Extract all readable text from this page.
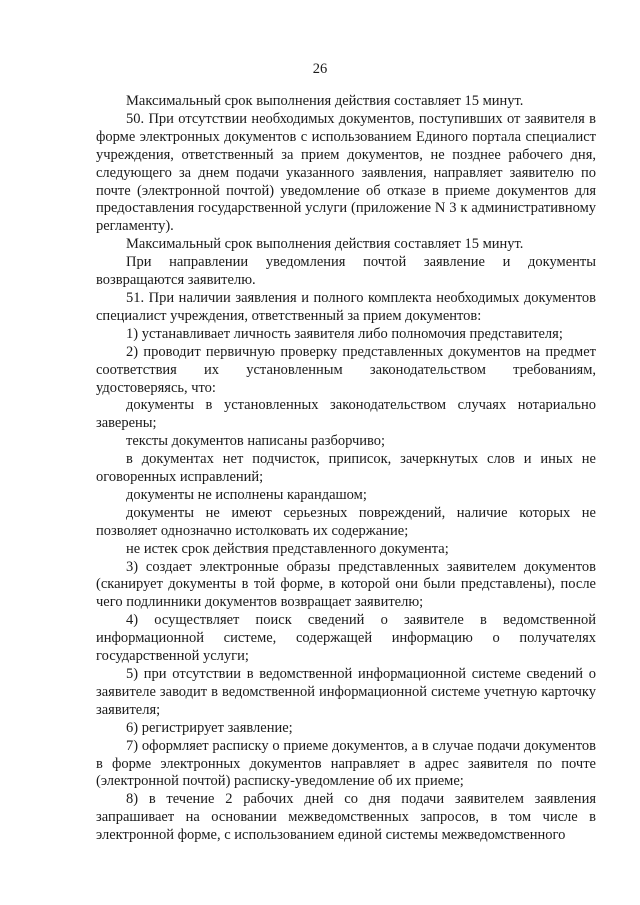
26

Максимальный срок выполнения действия составляет 15 минут.

50. При отсутствии необходимых документов, поступивших от заявителя в форме электронных документов с использованием Единого портала специалист учреждения, ответственный за прием документов, не позднее рабочего дня, следующего за днем подачи указанного заявления, направляет заявителю по почте (электронной почтой) уведомление об отказе в приеме документов для предоставления государственной услуги (приложение N 3 к административному регламенту).

Максимальный срок выполнения действия составляет 15 минут.

При направлении уведомления почтой заявление и документы возвращаются заявителю.

51. При наличии заявления и полного комплекта необходимых документов специалист учреждения, ответственный за прием документов:

1) устанавливает личность заявителя либо полномочия представителя;

2) проводит первичную проверку представленных документов на предмет соответствия их установленным законодательством требованиям, удостоверяясь, что:

документы в установленных законодательством случаях нотариально заверены;

тексты документов написаны разборчиво;

в документах нет подчисток, приписок, зачеркнутых слов и иных не оговоренных исправлений;

документы не исполнены карандашом;

документы не имеют серьезных повреждений, наличие которых не позволяет однозначно истолковать их содержание;

не истек срок действия представленного документа;

3) создает электронные образы представленных заявителем документов (сканирует документы в той форме, в которой они были представлены), после чего подлинники документов возвращает заявителю;

4) осуществляет поиск сведений о заявителе в ведомственной информационной системе, содержащей информацию о получателях государственной услуги;

5) при отсутствии в ведомственной информационной системе сведений о заявителе заводит в ведомственной информационной системе учетную карточку заявителя;

6) регистрирует заявление;

7) оформляет расписку о приеме документов, а в случае подачи документов в форме электронных документов направляет в адрес заявителя по почте (электронной почтой) расписку-уведомление об их приеме;

8) в течение 2 рабочих дней со дня подачи заявителем заявления запрашивает на основании межведомственных запросов, в том числе в электронной форме, с использованием единой системы межведомственного
